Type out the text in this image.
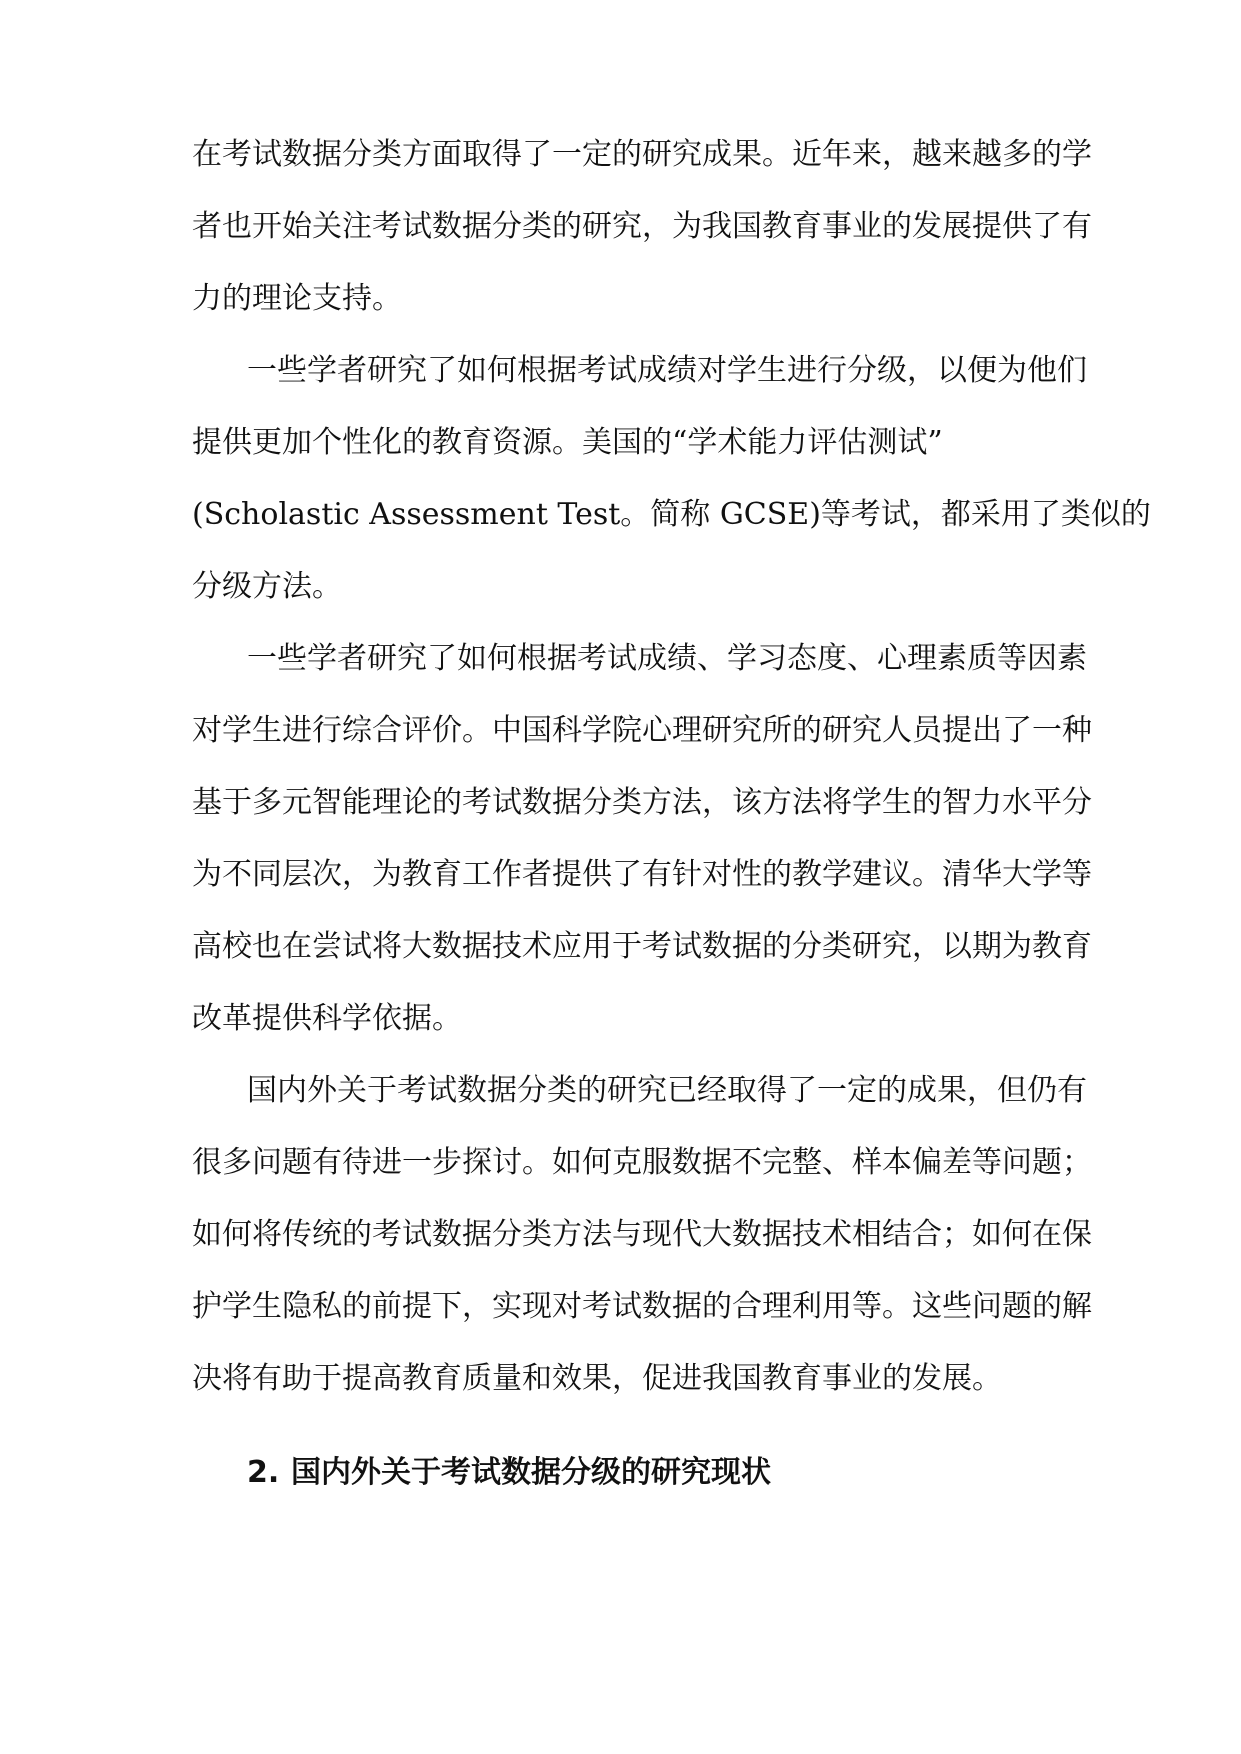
在考试数据分类方面取得了一定的研究成果。近年来，越来越多的学
者也开始关注考试数据分类的研究，为我国教育事业的发展提供了有
力的理论支持。
一些学者研究了如何根据考试成绩对学生进行分级，以便为他们
提供更加个性化的教育资源。美国的“学术能力评估测试”
(Scholastic Assessment Test。简称 GCSE)等考试，都采用了类似的
分级方法。
一些学者研究了如何根据考试成绩、学习态度、心理素质等因素
对学生进行综合评价。中国科学院心理研究所的研究人员提出了一种
基于多元智能理论的考试数据分类方法，该方法将学生的智力水平分
为不同层次，为教育工作者提供了有针对性的教学建议。清华大学等
高校也在尝试将大数据技术应用于考试数据的分类研究，以期为教育
改革提供科学依据。
国内外关于考试数据分类的研究已经取得了一定的成果，但仍有
很多问题有待进一步探讨。如何克服数据不完整、样本偏差等问题；
如何将传统的考试数据分类方法与现代大数据技术相结合；如何在保
护学生隐私的前提下，实现对考试数据的合理利用等。这些问题的解
决将有助于提高教育质量和效果，促进我国教育事业的发展。
2. 国内外关于考试数据分级的研究现状
